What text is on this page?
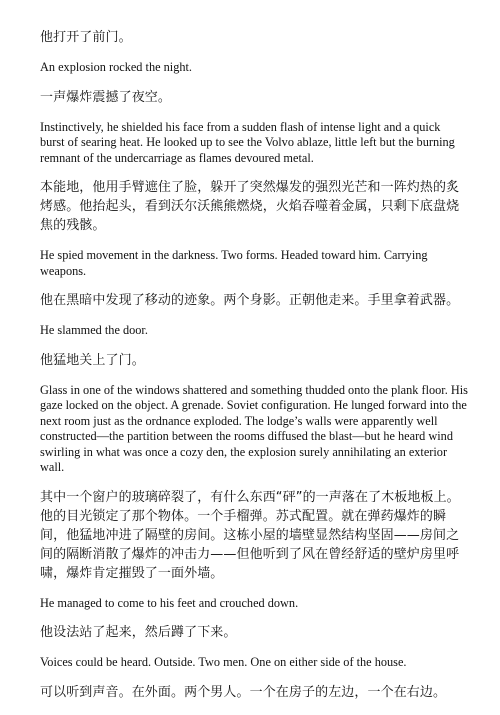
他打开了前门。

An explosion rocked the night.

一声爆炸震撼了夜空。

Instinctively, he shielded his face from a sudden flash of intense light and a quick burst of searing heat. He looked up to see the Volvo ablaze, little left but the burning remnant of the undercarriage as flames devoured metal.

本能地，他用手臂遮住了脸，躲开了突然爆发的强烈光芒和一阵灼热的炙烤感。他抬起头，看到沃尔沃熊熊燃烧，火焰吞噬着金属，只剩下底盘烧焦的残骸。

He spied movement in the darkness. Two forms. Headed toward him. Carrying weapons.

他在黑暗中发现了移动的迹象。两个身影。正朝他走来。手里拿着武器。

He slammed the door.

他猛地关上了门。

Glass in one of the windows shattered and something thudded onto the plank floor. His gaze locked on the object. A grenade. Soviet configuration. He lunged forward into the next room just as the ordnance exploded. The lodge’s walls were apparently well constructed—the partition between the rooms diffused the blast—but he heard wind swirling in what was once a cozy den, the explosion surely annihilating an exterior wall.

其中一个窗户的玻璃碎裂了，有什么东西“砰”的一声落在了木板地板上。他的目光锁定了那个物体。一个手榴弹。苏式配置。就在弹药爆炸的瞬间，他猛地冲进了隔壁的房间。这栋小屋的墙壁显然结构坚固——房间之间的隔断消散了爆炸的冲击力——但他听到了风在曾经舒适的壁炉房里呼啸，爆炸肯定摧毁了一面外墙。

He managed to come to his feet and crouched down.

他设法站了起来，然后蹲了下来。

Voices could be heard. Outside. Two men. One on either side of the house.

可以听到声音。在外面。两个男人。一个在房子的左边，一个在右边。
